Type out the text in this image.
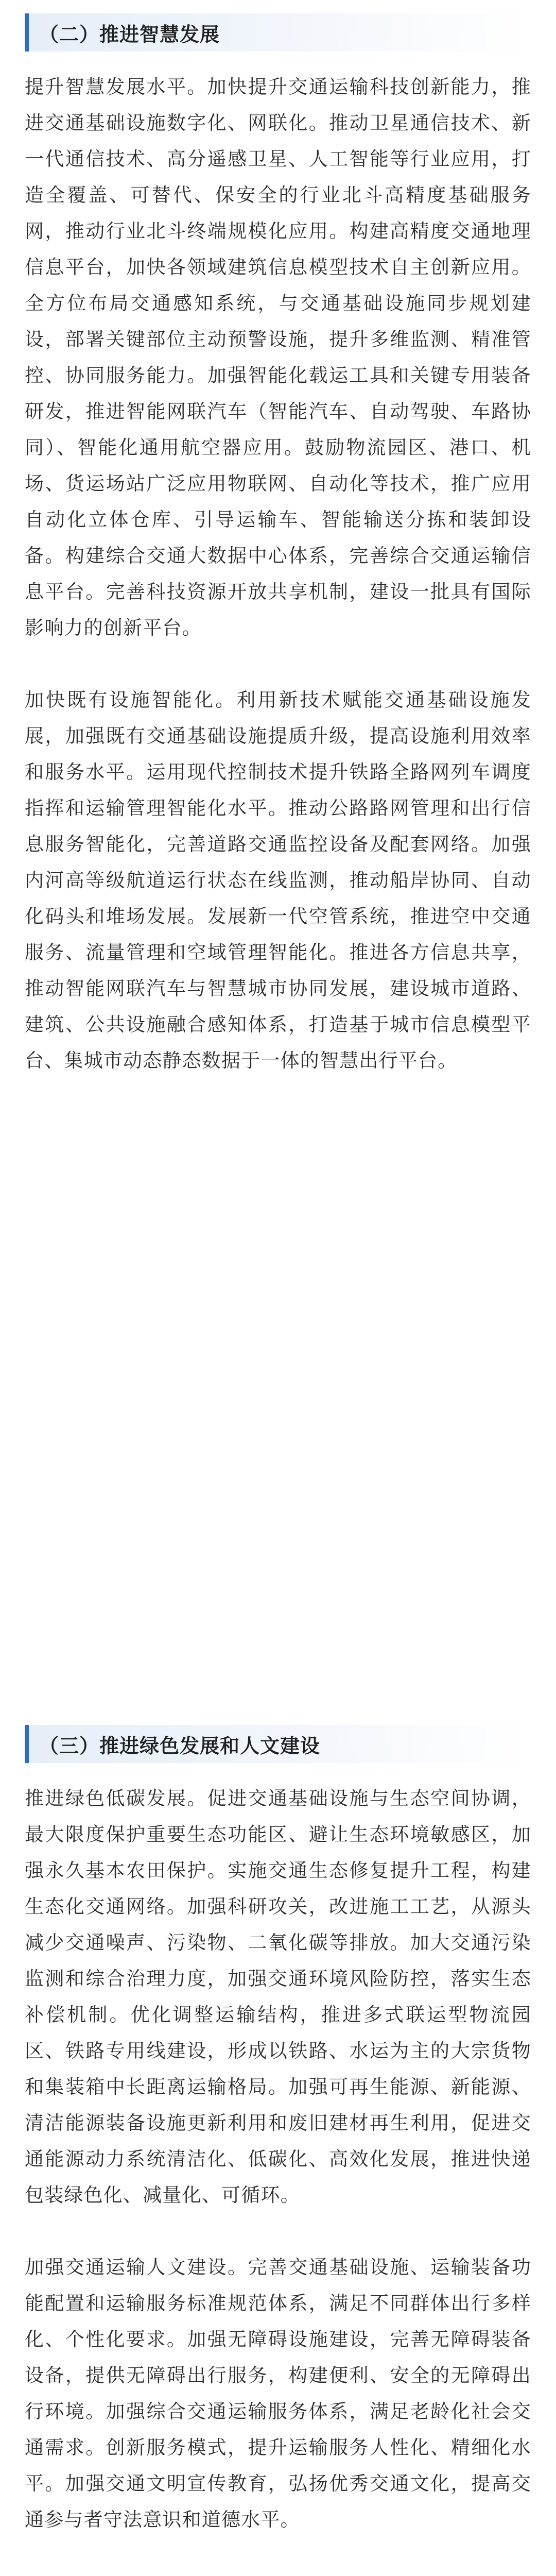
（二）推进智慧发展

提升智慧发展水平。加快提升交通运输科技创新能力，推进交通基础设施数字化、网联化。推动卫星通信技术、新一代通信技术、高分遥感卫星、人工智能等行业应用，打造全覆盖、可替代、保安全的行业北斗高精度基础服务网，推动行业北斗终端规模化应用。构建高精度交通地理信息平台，加快各领域建筑信息模型技术自主创新应用。全方位布局交通感知系统，与交通基础设施同步规划建设，部署关键部位主动预警设施，提升多维监测、精准管控、协同服务能力。加强智能化载运工具和关键专用装备研发，推进智能网联汽车（智能汽车、自动驾驶、车路协同）、智能化通用航空器应用。鼓励物流园区、港口、机场、货运场站广泛应用物联网、自动化等技术，推广应用自动化立体仓库、引导运输车、智能输送分拣和装卸设备。构建综合交通大数据中心体系，完善综合交通运输信息平台。完善科技资源开放共享机制，建设一批具有国际影响力的创新平台。

加快既有设施智能化。利用新技术赋能交通基础设施发展，加强既有交通基础设施提质升级，提高设施利用效率和服务水平。运用现代控制技术提升铁路全路网列车调度指挥和运输管理智能化水平。推动公路路网管理和出行信息服务智能化，完善道路交通监控设备及配套网络。加强内河高等级航道运行状态在线监测，推动船岸协同、自动化码头和堆场发展。发展新一代空管系统，推进空中交通服务、流量管理和空域管理智能化。推进各方信息共享，推动智能网联汽车与智慧城市协同发展，建设城市道路、建筑、公共设施融合感知体系，打造基于城市信息模型平台、集城市动态静态数据于一体的智慧出行平台。

（三）推进绿色发展和人文建设

推进绿色低碳发展。促进交通基础设施与生态空间协调，最大限度保护重要生态功能区、避让生态环境敏感区，加强永久基本农田保护。实施交通生态修复提升工程，构建生态化交通网络。加强科研攻关，改进施工工艺，从源头减少交通噪声、污染物、二氧化碳等排放。加大交通污染监测和综合治理力度，加强交通环境风险防控，落实生态补偿机制。优化调整运输结构，推进多式联运型物流园区、铁路专用线建设，形成以铁路、水运为主的大宗货物和集装箱中长距离运输格局。加强可再生能源、新能源、清洁能源装备设施更新利用和废旧建材再生利用，促进交通能源动力系统清洁化、低碳化、高效化发展，推进快递包装绿色化、减量化、可循环。

加强交通运输人文建设。完善交通基础设施、运输装备功能配置和运输服务标准规范体系，满足不同群体出行多样化、个性化要求。加强无障碍设施建设，完善无障碍装备设备，提供无障碍出行服务，构建便利、安全的无障碍出行环境。加强综合交通运输服务体系，满足老龄化社会交通需求。创新服务模式，提升运输服务人性化、精细化水平。加强交通文明宣传教育，弘扬优秀交通文化，提高交通参与者守法意识和道德水平。
